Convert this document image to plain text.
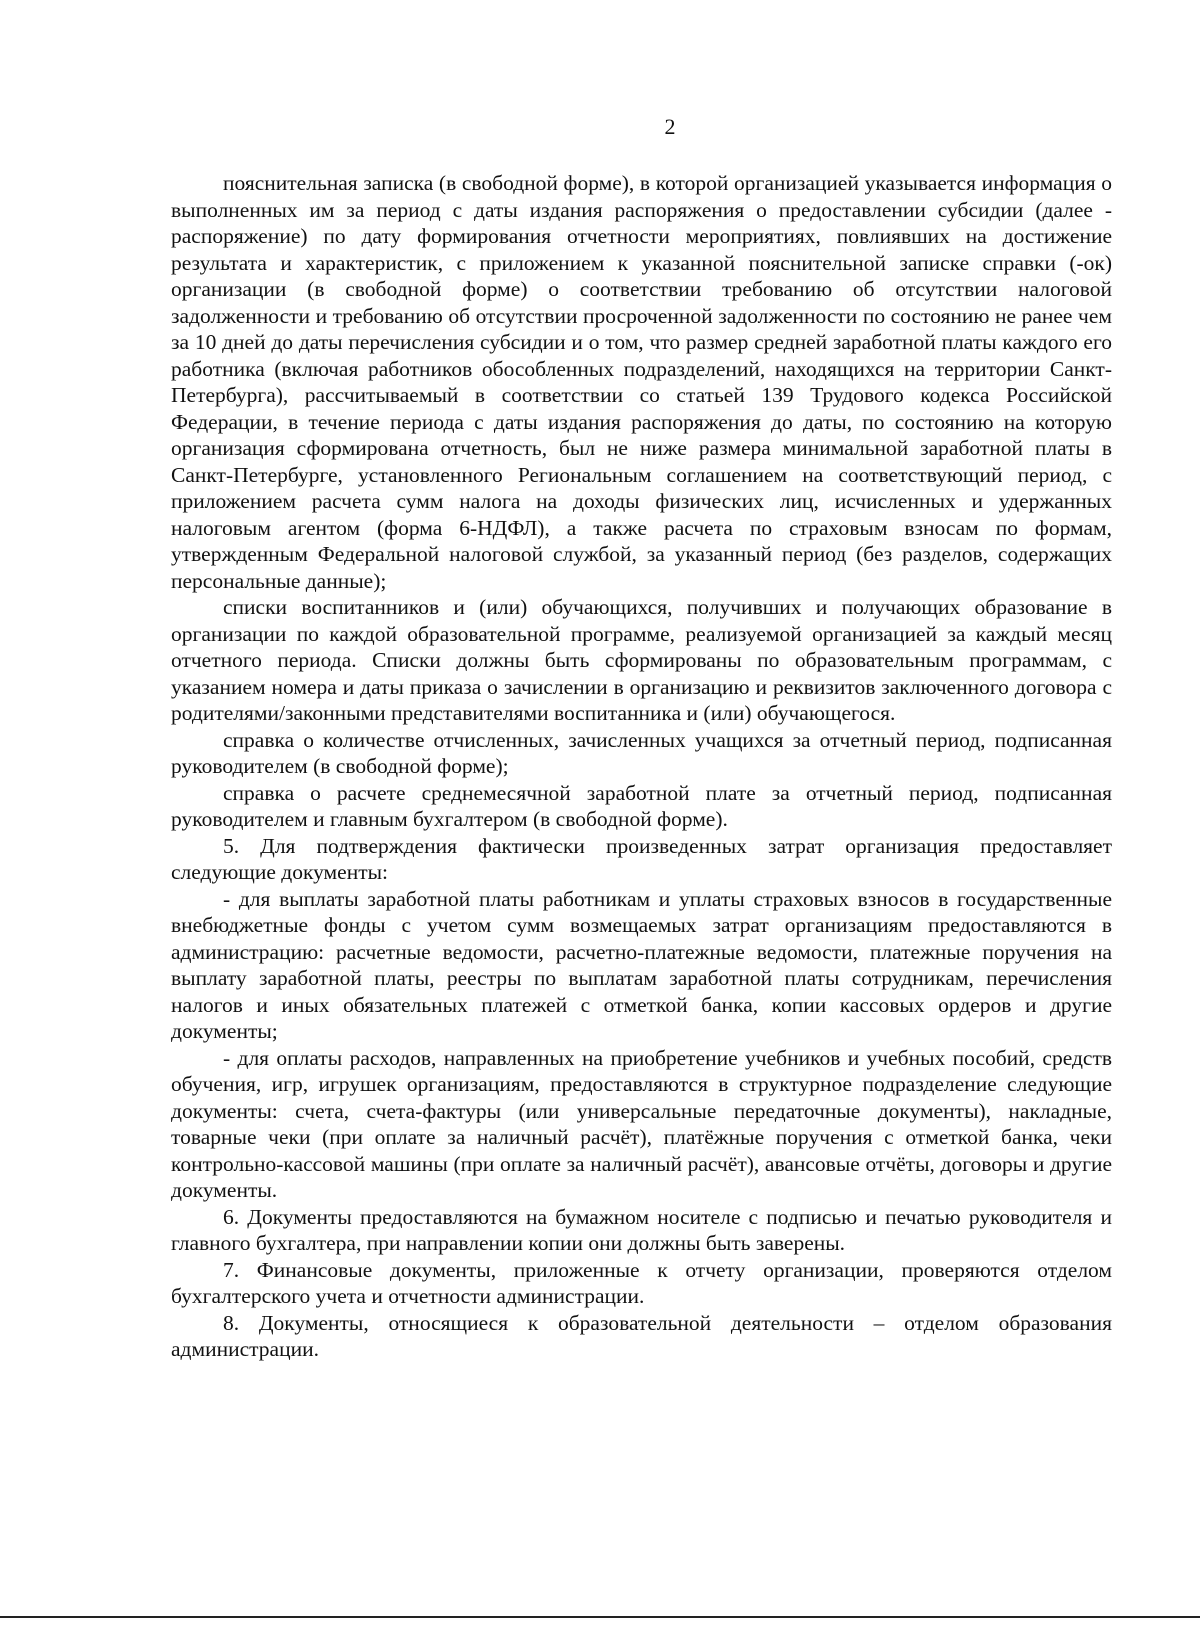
2

пояснительная записка (в свободной форме), в которой организацией указывается информация о выполненных им за период с даты издания распоряжения о предоставлении субсидии (далее - распоряжение) по дату формирования отчетности мероприятиях, повлиявших на достижение результата и характеристик, с приложением к указанной пояснительной записке справки (-ок) организации (в свободной форме) о соответствии требованию об отсутствии налоговой задолженности и требованию об отсутствии просроченной задолженности по состоянию не ранее чем за 10 дней до даты перечисления субсидии и о том, что размер средней заработной платы каждого его работника (включая работников обособленных подразделений, находящихся на территории Санкт-Петербурга), рассчитываемый в соответствии со статьей 139 Трудового кодекса Российской Федерации, в течение периода с даты издания распоряжения до даты, по состоянию на которую организация сформирована отчетность, был не ниже размера минимальной заработной платы в Санкт-Петербурге, установленного Региональным соглашением на соответствующий период, с приложением расчета сумм налога на доходы физических лиц, исчисленных и удержанных налоговым агентом (форма 6-НДФЛ), а также расчета по страховым взносам по формам, утвержденным Федеральной налоговой службой, за указанный период (без разделов, содержащих персональные данные);

списки воспитанников и (или) обучающихся, получивших и получающих образование в организации по каждой образовательной программе, реализуемой организацией за каждый месяц отчетного периода. Списки должны быть сформированы по образовательным программам, с указанием номера и даты приказа о зачислении в организацию и реквизитов заключенного договора с родителями/законными представителями воспитанника и (или) обучающегося.

справка о количестве отчисленных, зачисленных учащихся за отчетный период, подписанная руководителем (в свободной форме);

справка о расчете среднемесячной заработной плате за отчетный период, подписанная руководителем и главным бухгалтером (в свободной форме).

5. Для подтверждения фактически произведенных затрат организация предоставляет следующие документы:

- для выплаты заработной платы работникам и уплаты страховых взносов в государственные внебюджетные фонды с учетом сумм возмещаемых затрат организациям предоставляются в администрацию: расчетные ведомости, расчетно-платежные ведомости, платежные поручения на выплату заработной платы, реестры по выплатам заработной платы сотрудникам, перечисления налогов и иных обязательных платежей с отметкой банка, копии кассовых ордеров и другие документы;

- для оплаты расходов, направленных на приобретение учебников и учебных пособий, средств обучения, игр, игрушек организациям, предоставляются в структурное подразделение следующие документы: счета, счета-фактуры (или универсальные передаточные документы), накладные, товарные чеки (при оплате за наличный расчёт), платёжные поручения с отметкой банка, чеки контрольно-кассовой машины (при оплате за наличный расчёт), авансовые отчёты, договоры и другие документы.

6. Документы предоставляются на бумажном носителе с подписью и печатью руководителя и главного бухгалтера, при направлении копии они должны быть заверены.

7. Финансовые документы, приложенные к отчету организации, проверяются отделом бухгалтерского учета и отчетности администрации.

8. Документы, относящиеся к образовательной деятельности – отделом образования администрации.
